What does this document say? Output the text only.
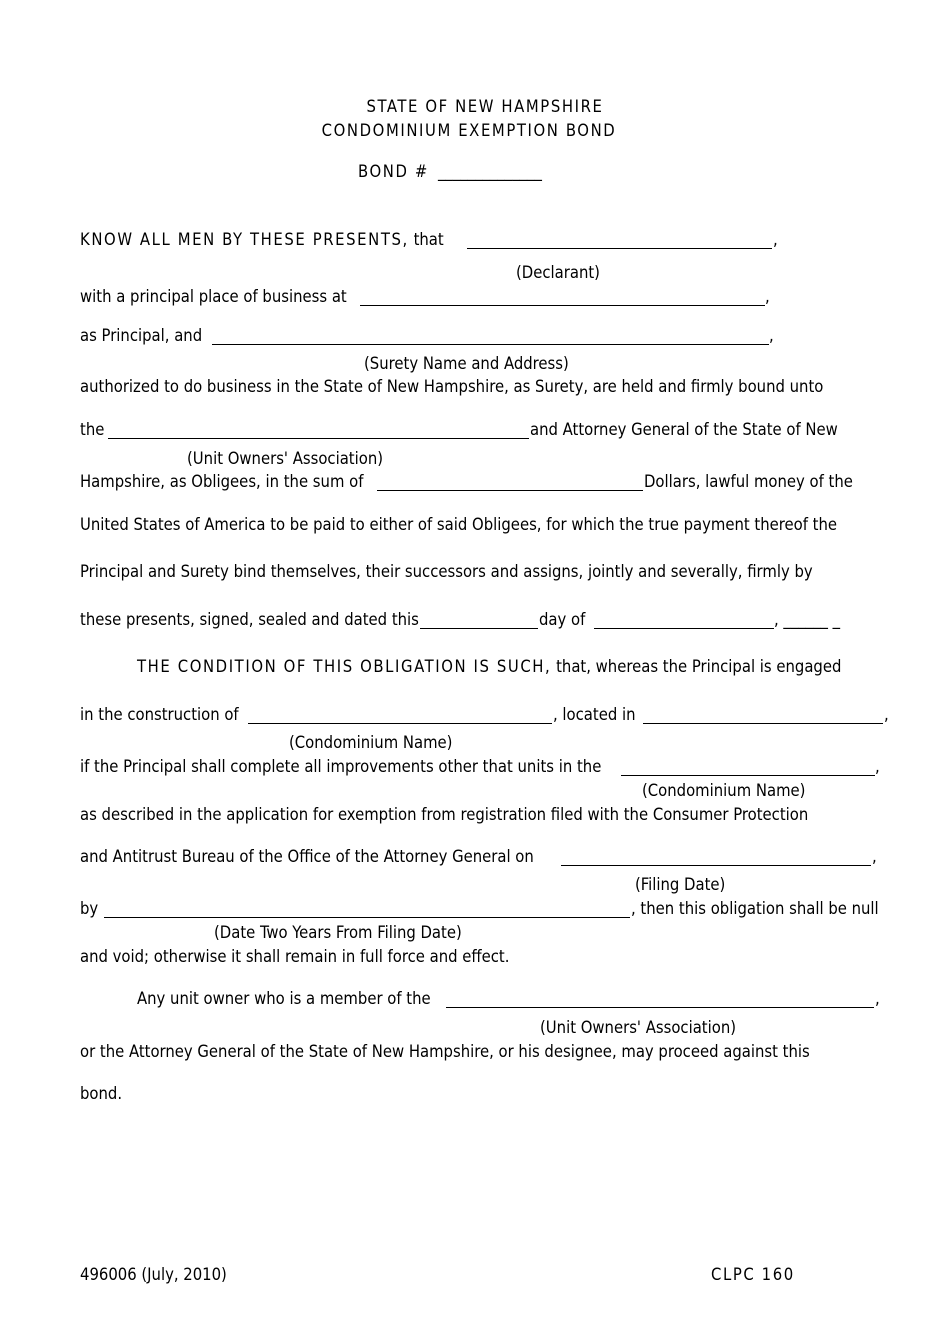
STATE OF NEW HAMPSHIRE
CONDOMINIUM EXEMPTION BOND
BOND # ______________
KNOW ALL MEN BY THESE PRESENTS, that	,
(Declarant)
with a principal place of business at	,
as Principal, and	,
(Surety Name and Address)
authorized to do business in the State of New Hampshire, as Surety, are held and firmly bound unto
the	and Attorney General of the State of New
(Unit Owners' Association)
Hampshire, as Obligees, in the sum of	Dollars, lawful money of the
United States of America to be paid to either of said Obligees, for which the true payment thereof the
Principal and Surety bind themselves, their successors and assigns, jointly and severally, firmly by
these presents, signed, sealed and dated this	day of	, ______ _
THE CONDITION OF THIS OBLIGATION IS SUCH, that, whereas the Principal is engaged
in the construction of	, located in	,
(Condominium Name)
if the Principal shall complete all improvements other that units in the	,
(Condominium Name)
as described in the application for exemption from registration filed with the Consumer Protection
and Antitrust Bureau of the Office of the Attorney General on	,
(Filing Date)
by	, then this obligation shall be null
(Date Two Years From Filing Date)
and void; otherwise it shall remain in full force and effect.
Any unit owner who is a member of the	,
(Unit Owners' Association)
or the Attorney General of the State of New Hampshire, or his designee, may proceed against this
bond.
496006 (July, 2010)	CLPC 160
